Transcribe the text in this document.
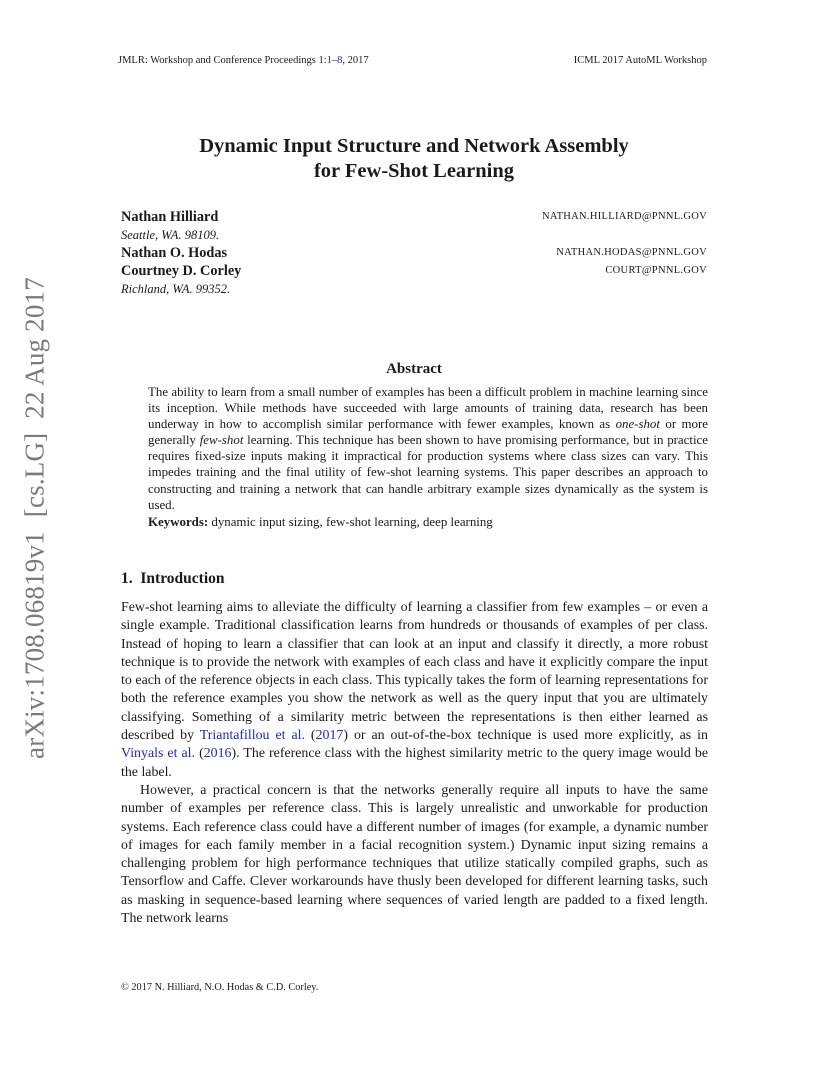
JMLR: Workshop and Conference Proceedings 1:1–8, 2017	ICML 2017 AutoML Workshop
Dynamic Input Structure and Network Assembly
for Few-Shot Learning
Nathan Hilliard	NATHAN.HILLIARD@PNNL.GOV
Seattle, WA. 98109.
Nathan O. Hodas	NATHAN.HODAS@PNNL.GOV
Courtney D. Corley	COURT@PNNL.GOV
Richland, WA. 99352.
arXiv:1708.06819v1  [cs.LG]  22 Aug 2017	Abstract

The ability to learn from a small number of examples has been a difficult problem in machine learning since its inception. While methods have succeeded with large amounts of training data, research has been underway in how to accomplish similar performance with fewer examples, known as one-shot or more generally few-shot learning. This technique has been shown to have promising performance, but in practice requires fixed-size inputs making it impractical for production systems where class sizes can vary. This impedes training and the final utility of few-shot learning systems. This paper describes an approach to constructing and training a network that can handle arbitrary example sizes dynamically as the system is used.

Keywords: dynamic input sizing, few-shot learning, deep learning

1.  Introduction

Few-shot learning aims to alleviate the difficulty of learning a classifier from few examples – or even a single example. Traditional classification learns from hundreds or thousands of examples of per class. Instead of hoping to learn a classifier that can look at an input and classify it directly, a more robust technique is to provide the network with examples of each class and have it explicitly compare the input to each of the reference objects in each class. This typically takes the form of learning representations for both the reference examples you show the network as well as the query input that you are ultimately classifying. Something of a similarity metric between the representations is then either learned as described by Triantafillou et al. (2017) or an out-of-the-box technique is used more explicitly, as in Vinyals et al. (2016). The reference class with the highest similarity metric to the query image would be the label.

However, a practical concern is that the networks generally require all inputs to have the same number of examples per reference class. This is largely unrealistic and unworkable for production systems. Each reference class could have a different number of images (for example, a dynamic number of images for each family member in a facial recognition system.) Dynamic input sizing remains a challenging problem for high performance techniques that utilize statically compiled graphs, such as Tensorflow and Caffe. Clever workarounds have thusly been developed for different learning tasks, such as masking in sequence-based learning where sequences of varied length are padded to a fixed length. The network learns

© 2017 N. Hilliard, N.O. Hodas & C.D. Corley.
